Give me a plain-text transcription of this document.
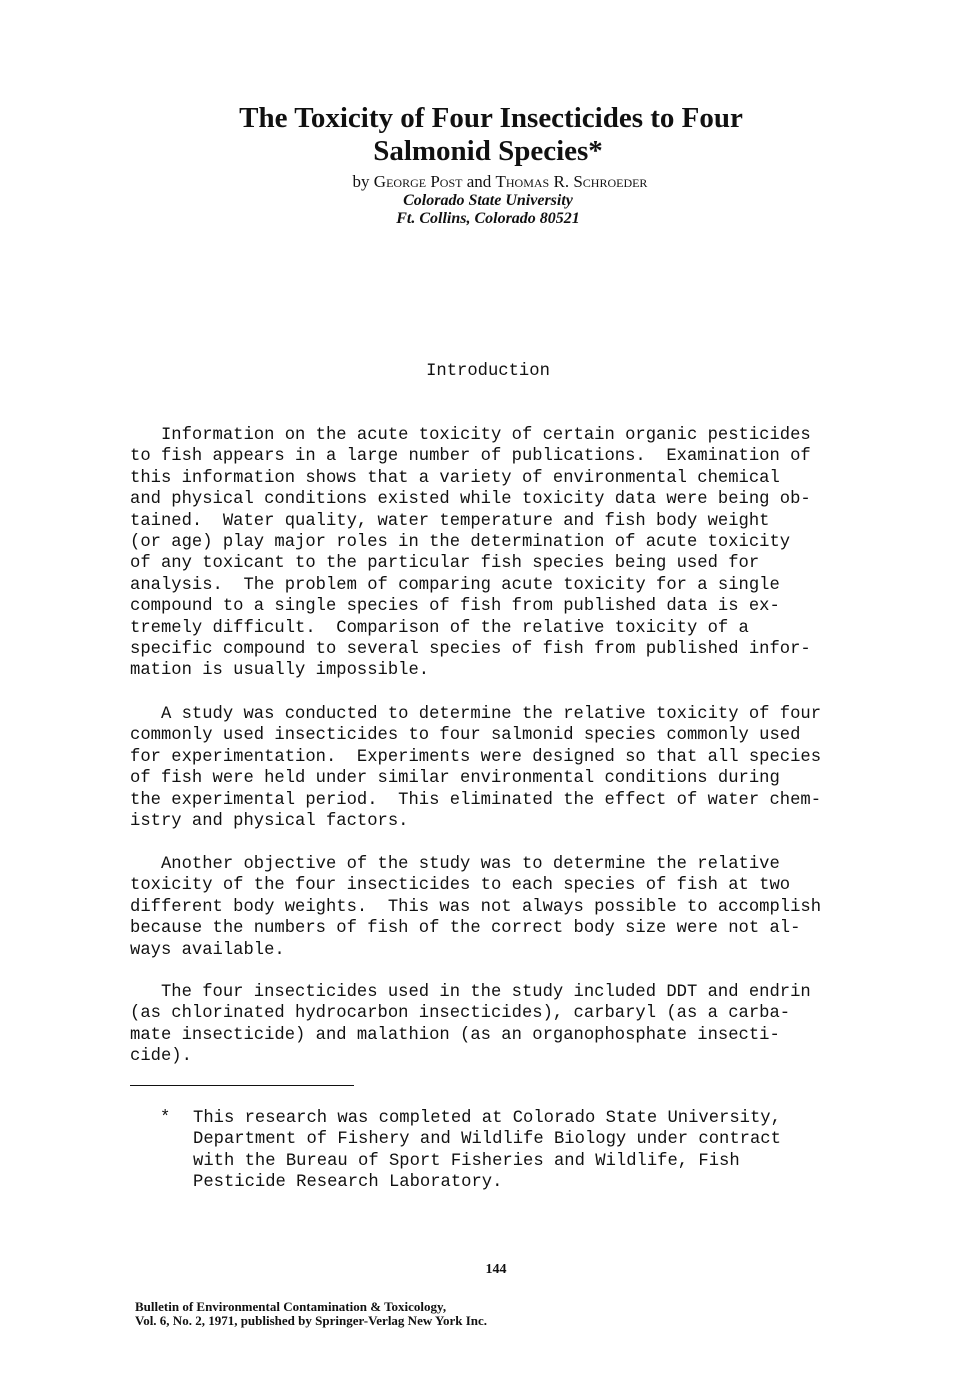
The Toxicity of Four Insecticides to Four
Salmonid Species*
by George Post and Thomas R. Schroeder
Colorado State University
Ft. Collins, Colorado 80521
Introduction

Information on the acute toxicity of certain organic pesticides
to fish appears in a large number of publications.  Examination of
this information shows that a variety of environmental chemical
and physical conditions existed while toxicity data were being ob-
tained.  Water quality, water temperature and fish body weight
(or age) play major roles in the determination of acute toxicity
of any toxicant to the particular fish species being used for
analysis.  The problem of comparing acute toxicity for a single
compound to a single species of fish from published data is ex-
tremely difficult.  Comparison of the relative toxicity of a
specific compound to several species of fish from published infor-
mation is usually impossible.

A study was conducted to determine the relative toxicity of four
commonly used insecticides to four salmonid species commonly used
for experimentation.  Experiments were designed so that all species
of fish were held under similar environmental conditions during
the experimental period.  This eliminated the effect of water chem-
istry and physical factors.

Another objective of the study was to determine the relative
toxicity of the four insecticides to each species of fish at two
different body weights.  This was not always possible to accomplish
because the numbers of fish of the correct body size were not al-
ways available.

The four insecticides used in the study included DDT and endrin
(as chlorinated hydrocarbon insecticides), carbaryl (as a carba-
mate insecticide) and malathion (as an organophosphate insecti-
cide).

* This research was completed at Colorado State University,
Department of Fishery and Wildlife Biology under contract
with the Bureau of Sport Fisheries and Wildlife, Fish
Pesticide Research Laboratory.
144
Bulletin of Environmental Contamination & Toxicology,
Vol. 6, No. 2, 1971, published by Springer-Verlag New York Inc.
